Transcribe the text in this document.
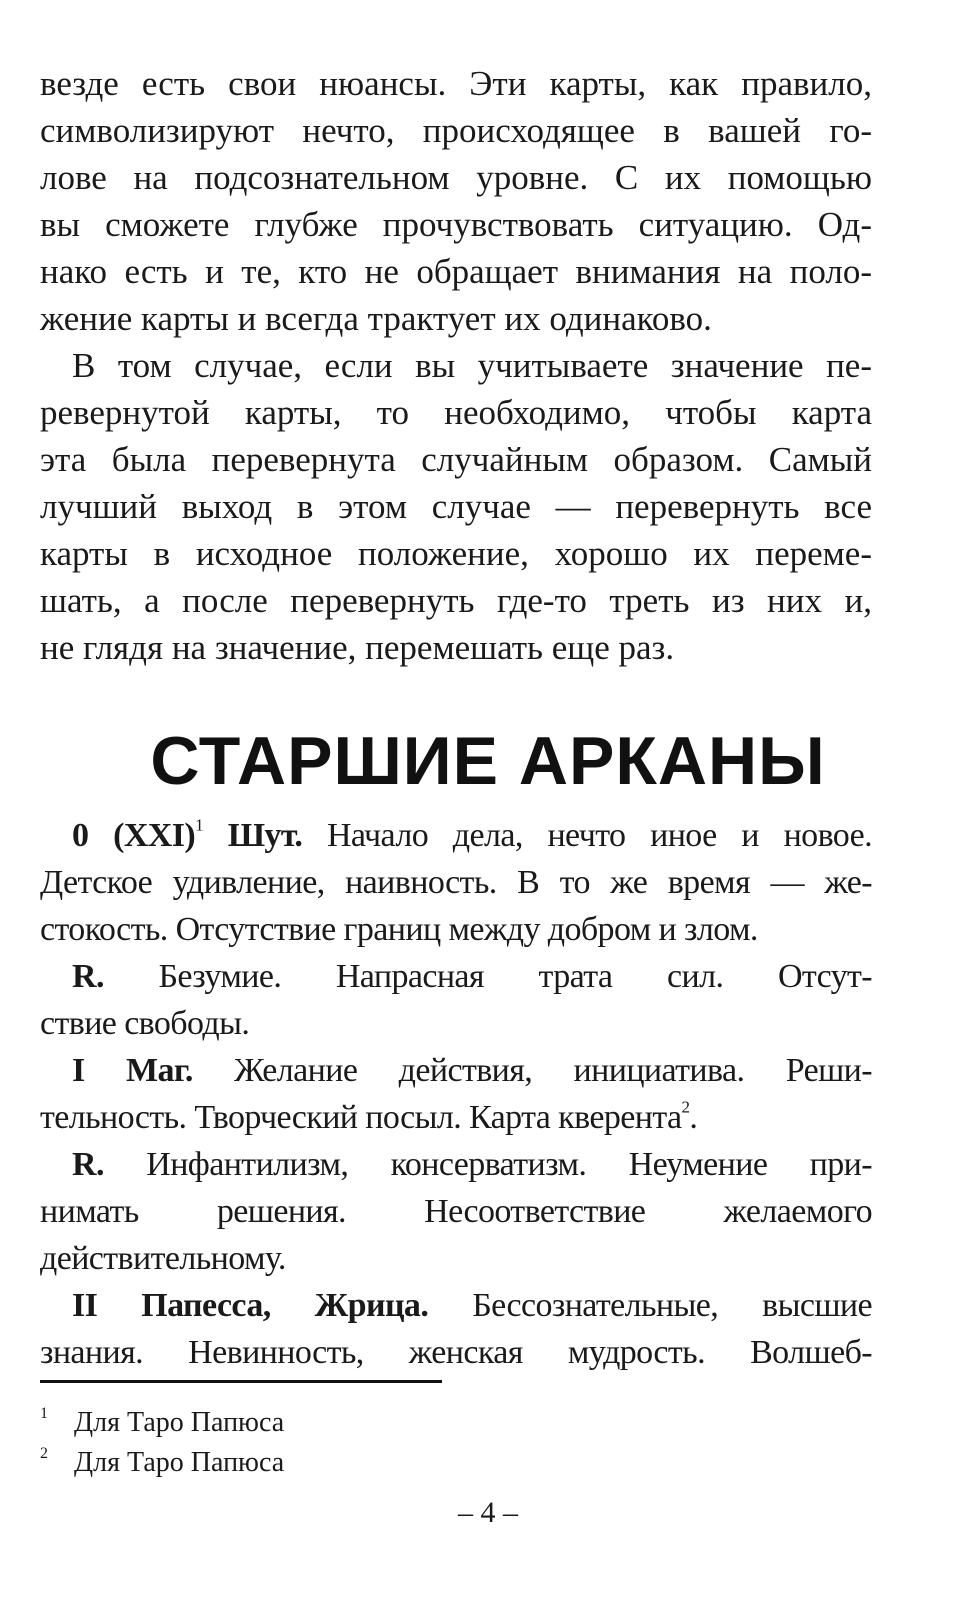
везде есть свои нюансы. Эти карты, как правило,
символизируют нечто, происходящее в вашей го-
лове на подсознательном уровне. С их помощью
вы сможете глубже прочувствовать ситуацию. Од-
нако есть и те, кто не обращает внимания на поло-
жение карты и всегда трактует их одинаково.
В том случае, если вы учитываете значение пе-
ревернутой карты, то необходимо, чтобы карта
эта была перевернута случайным образом. Самый
лучший выход в этом случае — перевернуть все
карты в исходное положение, хорошо их переме-
шать, а после перевернуть где-то треть из них и,
не глядя на значение, перемешать еще раз.
СТАРШИЕ АРКАНЫ
0 (XXI)$^1$ Шут. Начало дела, нечто иное и новое.
Детское удивление, наивность. В то же время — же-
стокость. Отсутствие границ между добром и злом.
R. Безумие. Напрасная трата сил. Отсут-
ствие свободы.
I Маг. Желание действия, инициатива. Реши-
тельность. Творческий посыл. Карта кверента$^2$.
R. Инфантилизм, консерватизм. Неумение при-
нимать решения. Несоответствие желаемого
действительному.
II Папесса, Жрица. Бессознательные, высшие
знания. Невинность, женская мудрость. Волшеб-
1 Для Таро Папюса
2 Для Таро Папюса
– 4 –
